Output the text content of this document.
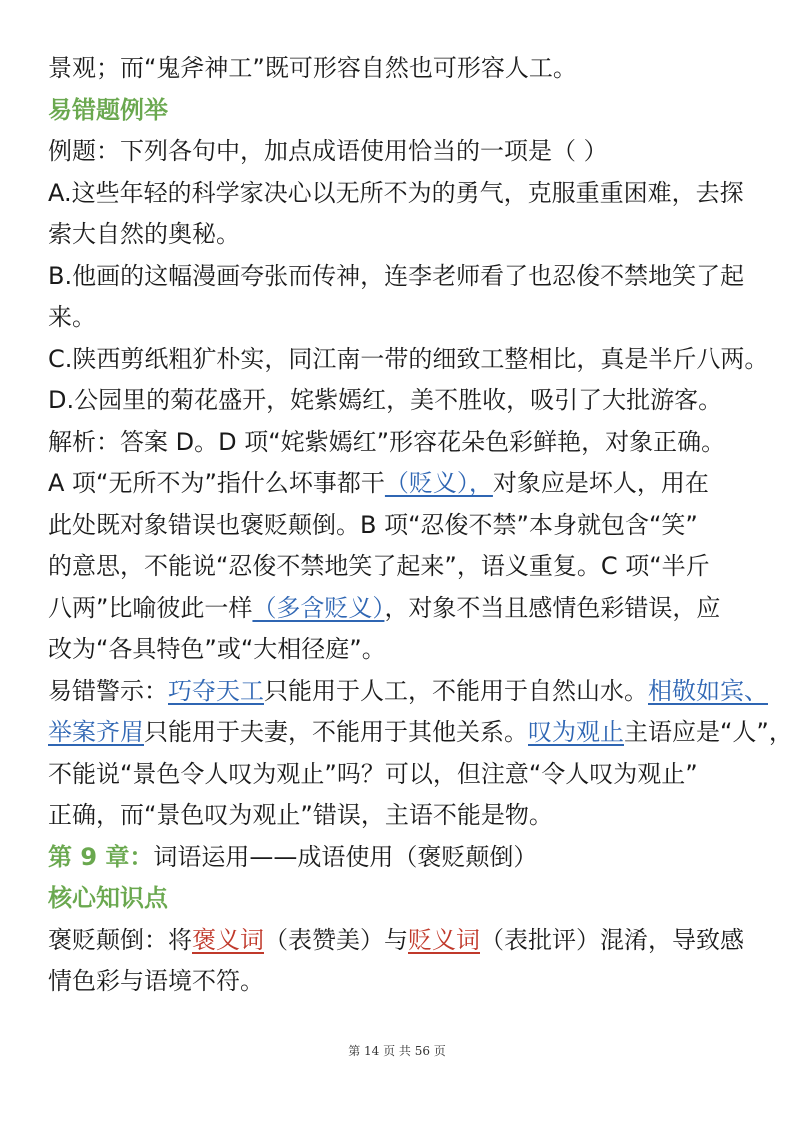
景观；而“鬼斧神工”既可形容自然也可形容人工。
易错题例举
例题：下列各句中，加点成语使用恰当的一项是（ ）
A.这些年轻的科学家决心以无所不为的勇气，克服重重困难，去探
索大自然的奥秘。
B.他画的这幅漫画夸张而传神，连李老师看了也忍俊不禁地笑了起
来。
C.陕西剪纸粗犷朴实，同江南一带的细致工整相比，真是半斤八两。
D.公园里的菊花盛开，姹紫嫣红，美不胜收，吸引了大批游客。
解析：答案 D。D 项“姹紫嫣红”形容花朵色彩鲜艳，对象正确。
A 项“无所不为”指什么坏事都干（贬义），对象应是坏人，用在
此处既对象错误也褒贬颠倒。B 项“忍俊不禁”本身就包含“笑”
的意思，不能说“忍俊不禁地笑了起来”，语义重复。C 项“半斤
八两”比喻彼此一样（多含贬义），对象不当且感情色彩错误，应
改为“各具特色”或“大相径庭”。
易错警示：巧夺天工只能用于人工，不能用于自然山水。相敬如宾、
举案齐眉只能用于夫妻，不能用于其他关系。叹为观止主语应是“人”，
不能说“景色令人叹为观止”吗？可以，但注意“令人叹为观止”
正确，而“景色叹为观止”错误，主语不能是物。
第 9 章：词语运用——成语使用（褒贬颠倒）
核心知识点
褒贬颠倒：将褒义词（表赞美）与贬义词（表批评）混淆，导致感
情色彩与语境不符。
第 14 页 共 56 页
